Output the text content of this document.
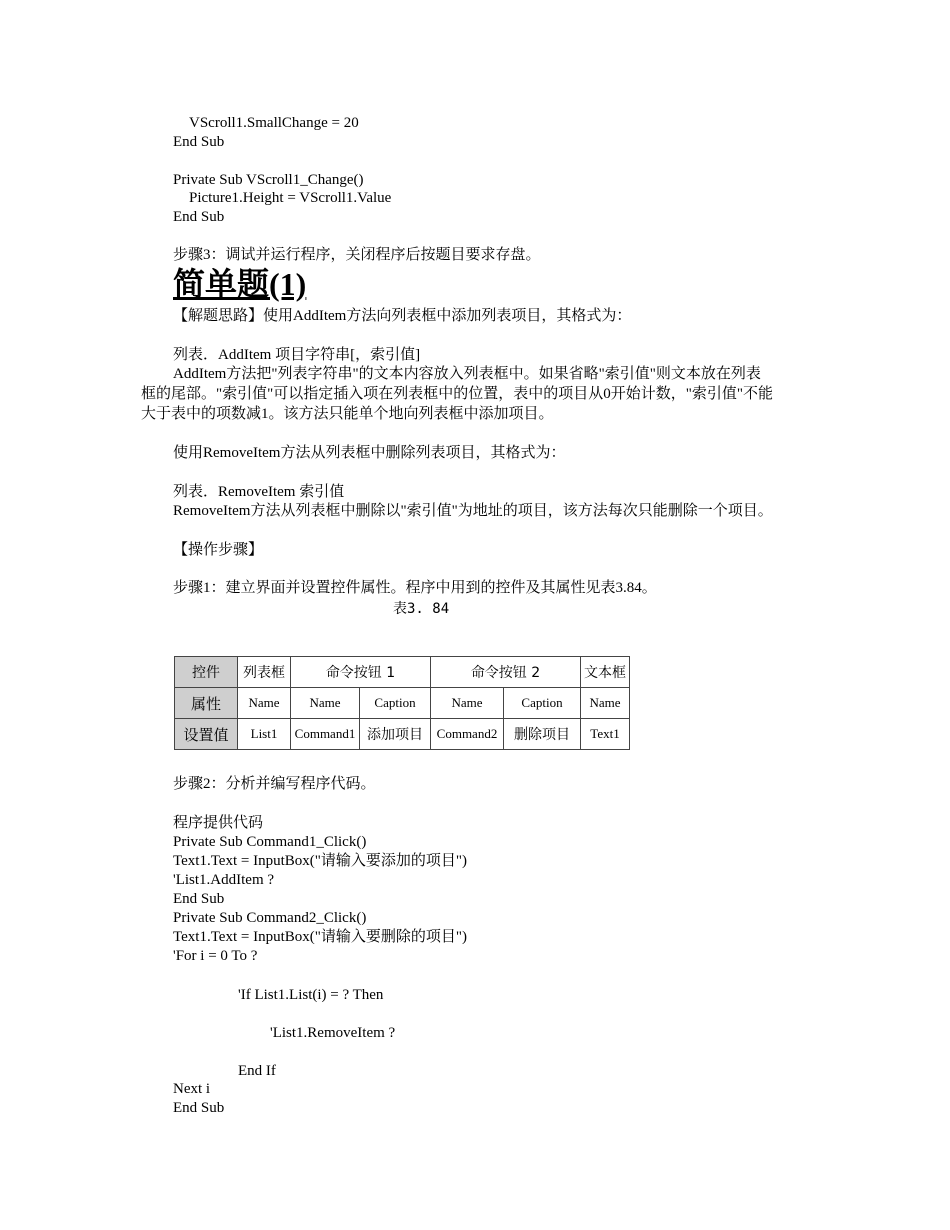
VScroll1.SmallChange = 20
End Sub
Private Sub VScroll1_Change()
Picture1.Height = VScroll1.Value
End Sub
步骤3：调试并运行程序，关闭程序后按题目要求存盘。
简单题(1)
【解题思路】使用AddItem方法向列表框中添加列表项目，其格式为：
列表．AddItem 项目字符串[，索引值]
AddItem方法把"列表字符串"的文本内容放入列表框中。如果省略"索引值"则文本放在列表
框的尾部。"索引值"可以指定插入项在列表框中的位置，表中的项目从0开始计数，"索引值"不能
大于表中的项数减1。该方法只能单个地向列表框中添加项目。
使用RemoveItem方法从列表框中删除列表项目，其格式为：
列表．RemoveItem 索引值
RemoveItem方法从列表框中删除以"索引值"为地址的项目，该方法每次只能删除一个项目。
【操作步骤】
步骤1：建立界面并设置控件属性。程序中用到的控件及其属性见表3.84。
表3. 84
控件	列表框	命令按钮 1		命令按钮 2		文本框
属性	Name	Name	Caption	Name	Caption	Name
设置值	List1	Command1	添加项目	Command2	删除项目	Text1
步骤2：分析并编写程序代码。
程序提供代码
Private Sub Command1_Click()
Text1.Text = InputBox("请输入要添加的项目")
'List1.AddItem ?
End Sub
Private Sub Command2_Click()
Text1.Text = InputBox("请输入要删除的项目")
'For i = 0 To ?
'If List1.List(i) = ? Then
'List1.RemoveItem ?
End If
Next i
End Sub
